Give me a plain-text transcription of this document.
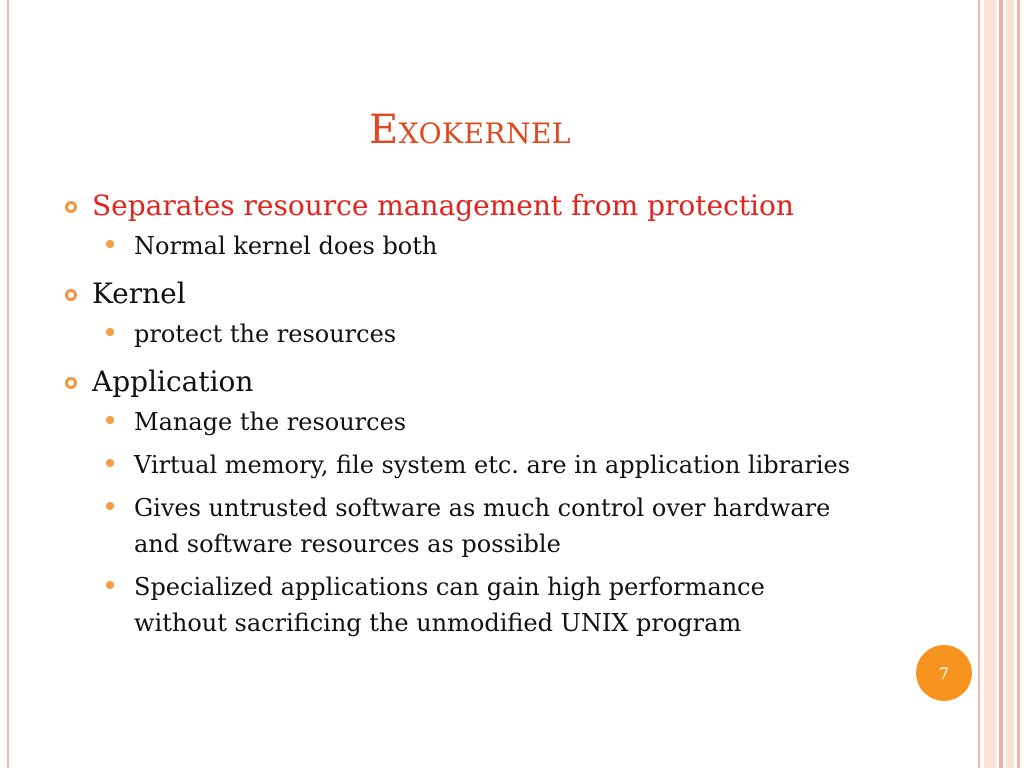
Exokernel
Separates resource management from protection
Normal kernel does both
Kernel
protect the resources
Application
Manage the resources
Virtual memory, file system etc. are in application libraries
Gives untrusted software as much control over hardware and software resources as possible
Specialized applications can gain high performance without sacrificing the unmodified UNIX program
7
